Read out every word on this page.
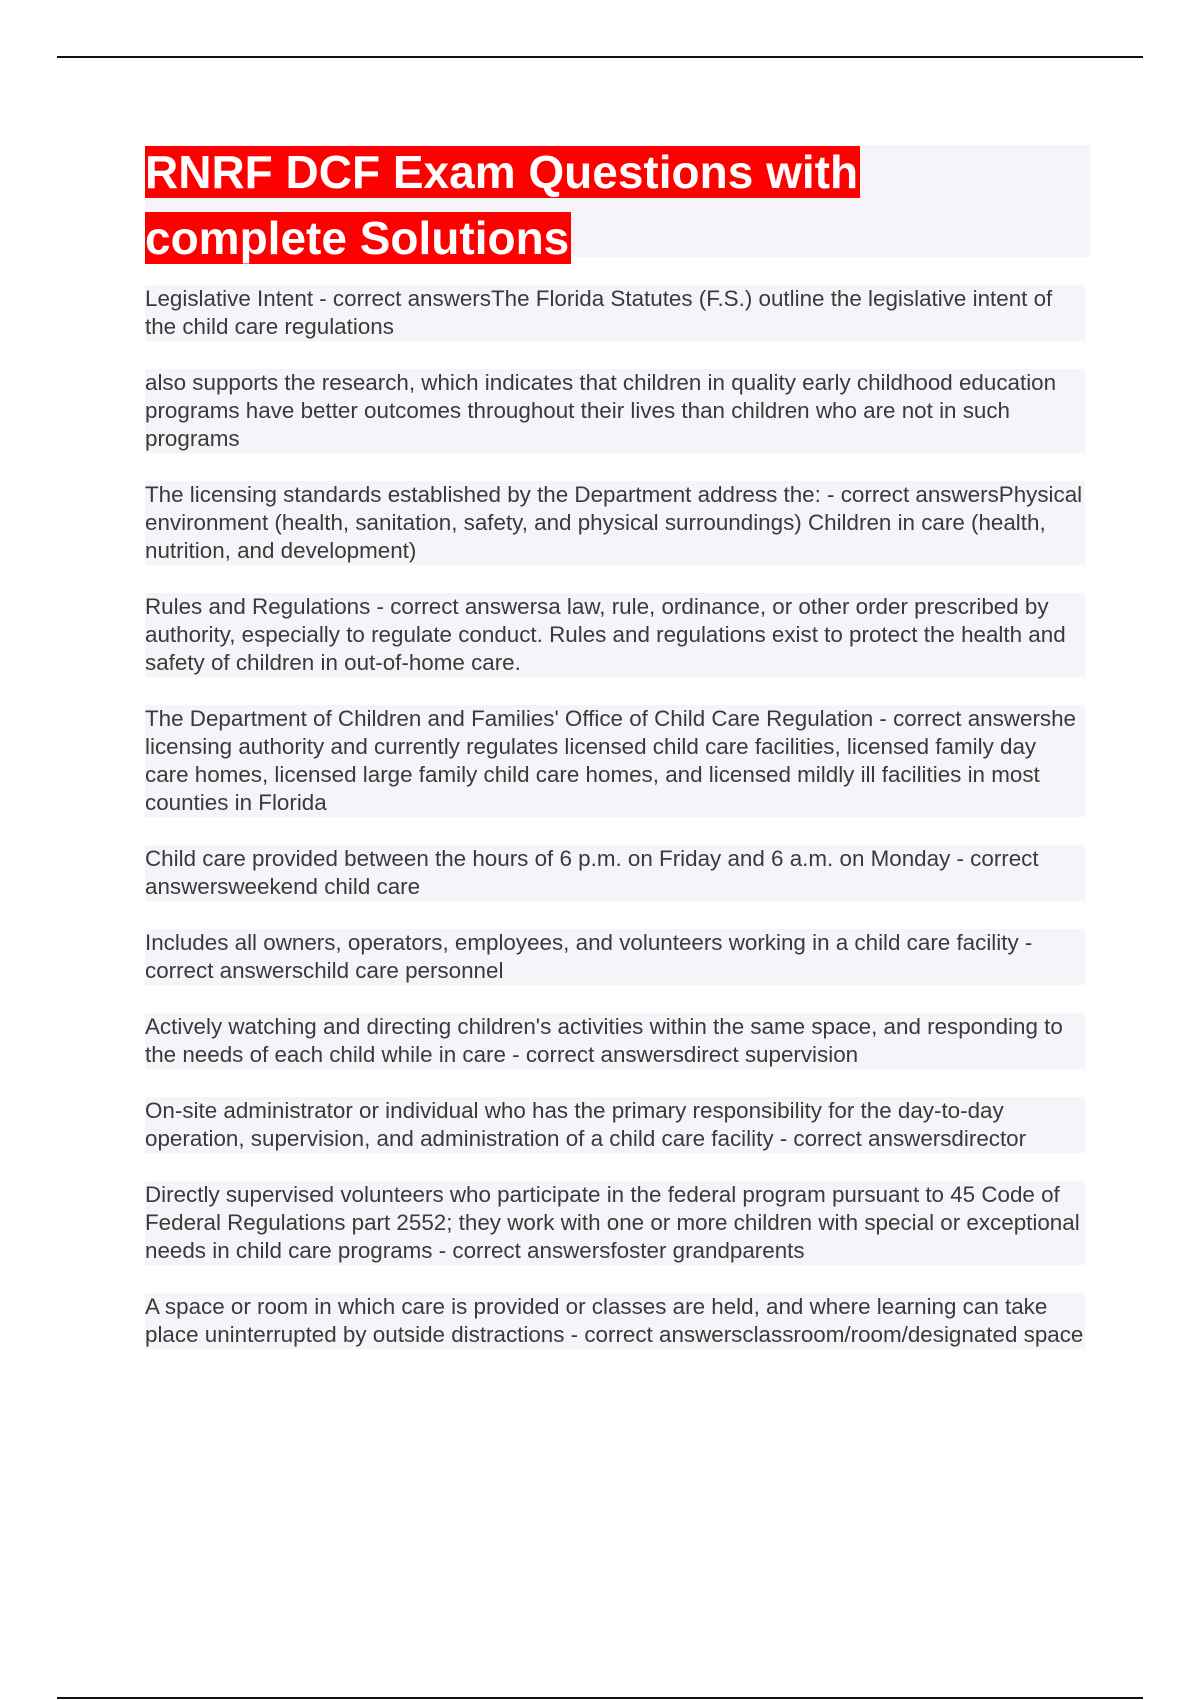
RNRF DCF Exam Questions with complete Solutions

Legislative Intent - correct answersThe Florida Statutes (F.S.) outline the legislative intent of the child care regulations

also supports the research, which indicates that children in quality early childhood education programs have better outcomes throughout their lives than children who are not in such programs

The licensing standards established by the Department address the: - correct answersPhysical environment (health, sanitation, safety, and physical surroundings) Children in care (health, nutrition, and development)

Rules and Regulations - correct answersa law, rule, ordinance, or other order prescribed by authority, especially to regulate conduct. Rules and regulations exist to protect the health and safety of children in out-of-home care.

The Department of Children and Families' Office of Child Care Regulation - correct answershe licensing authority and currently regulates licensed child care facilities, licensed family day care homes, licensed large family child care homes, and licensed mildly ill facilities in most counties in Florida

Child care provided between the hours of 6 p.m. on Friday and 6 a.m. on Monday - correct answersweekend child care

Includes all owners, operators, employees, and volunteers working in a child care facility - correct answerschild care personnel

Actively watching and directing children's activities within the same space, and responding to the needs of each child while in care - correct answersdirect supervision

On-site administrator or individual who has the primary responsibility for the day-to-day operation, supervision, and administration of a child care facility - correct answersdirector

Directly supervised volunteers who participate in the federal program pursuant to 45 Code of Federal Regulations part 2552; they work with one or more children with special or exceptional needs in child care programs - correct answersfoster grandparents

A space or room in which care is provided or classes are held, and where learning can take place uninterrupted by outside distractions - correct answersclassroom/room/designated space
